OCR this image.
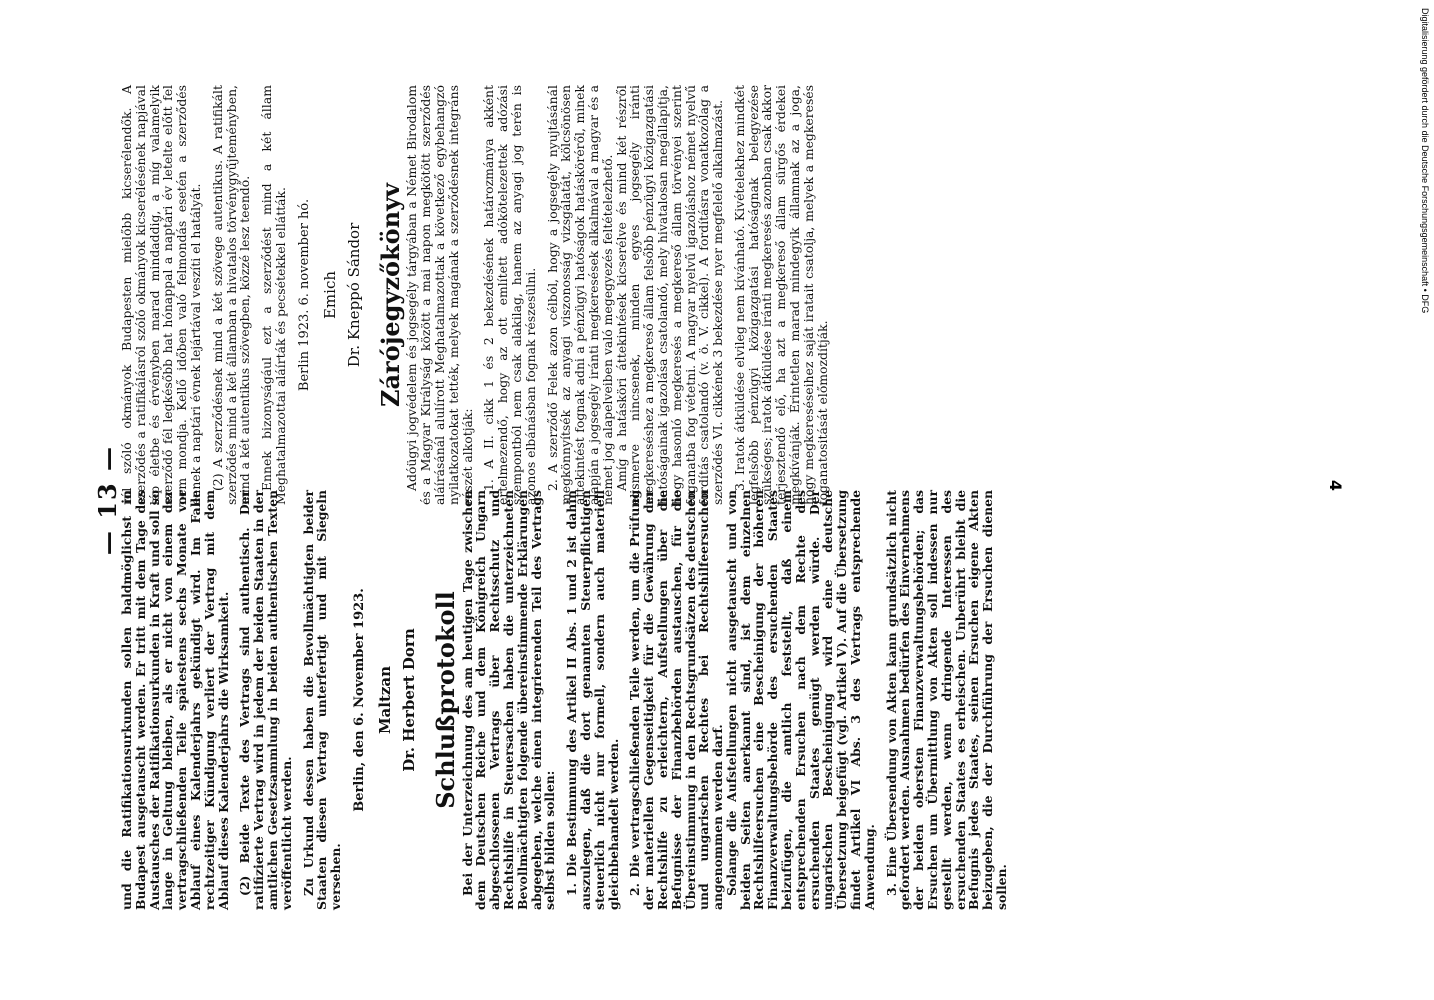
— 13 —

und die Ratifikationsurkunden sollen baldmöglichst in Budapest ausgetauscht werden. Er tritt mit dem Tage des Austausches der Ratifikationsurkunden in Kraft und soll so lange in Geltung bleiben, als er nicht von einem der vertragschließenden Teile spätestens sechs Monate vor Ablauf eines Kalenderjahrs gekündigt wird. Im Falle rechtzeitiger Kündigung verliert der Vertrag mit dem Ablauf dieses Kalenderjahrs die Wirksamkeit. (2) Beide Texte des Vertrags sind authentisch. Der ratifizierte Vertrag wird in jedem der beiden Staaten in der amtlichen Gesetzsammlung in beiden authentischen Texten veröffentlicht werden. Zu Urkund dessen haben die Bevollmächtigten beider Staaten diesen Vertrag unterfertigt und mit Siegeln versehen.

Berlin, den 6. November 1923. Maltzan Dr. Herbert Dorn Schlußprotokoll Bei der Unterzeichnung des am heutigen Tage zwischen dem Deutschen Reiche und dem Königreich Ungarn abgeschlossenen Vertrags über Rechtsschutz und Rechtshilfe in Steuersachen haben die unterzeichneten Bevollmächtigten folgende übereinstimmende Erklärungen abgegeben, welche einen integrierenden Teil des Vertrags selbst bilden sollen: 1. Die Bestimmung des Artikel II Abs. 1 und 2 ist dahin auszulegen, daß die dort genannten Steuerpflichtigen steuerlich nicht nur formell, sondern auch materiell gleichbehandelt werden. 2. Die vertragschließenden Teile werden, um die Prüfung der materiellen Gegenseitigkeit für die Gewährung der Rechtshilfe zu erleichtern, Aufstellungen über die Befugnisse der Finanzbehörden austauschen, für die Übereinstimmung in den Rechtsgrundsätzen des deutschen und ungarischen Rechtes bei Rechtshilfeersuchen angenommen werden darf.

Solange die Aufstellungen nicht ausgetauscht und von beiden Seiten anerkannt sind, ist dem einzelnen Rechtshilfeersuchen eine Bescheinigung der höheren Finanzverwaltungsbehörde des ersuchenden Staates beizufügen, die amtlich feststellt, daß einem entsprechenden Ersuchen nach dem Rechte des ersuchenden Staates genügt werden würde. Der ungarischen Bescheinigung wird eine deutsche Übersetzung beigefügt (vgl. Artikel V). Auf die Übersetzung findet Artikel VI Abs. 3 des Vertrags entsprechende Anwendung. 3. Eine Übersendung von Akten kann grundsätzlich nicht gefordert werden. Ausnahmen bedürfen des Einvernehmens der beiden obersten Finanzverwaltungsbehörden; das Ersuchen um Übermittlung von Akten soll indessen nur gestellt werden, wenn dringende Interessen des ersuchenden Staates es erheischen. Unberührt bleibt die Befugnis jedes Staates, seinen Ersuchen eigene Akten beizugeben, die der Durchführung der Ersuchen dienen sollen.

ról szóló okmányok Budapesten mielőbb kicserélendők. A szerződés a ratifikálásról szóló okmányok kicserélésének napjával lép életbe és érvényben marad mindaddig, a míg valamelyik szerződő fél legkésőbb hat hónappal a naptári év letelte előtt fel nem mondja. Kellő időben való felmondás esetén a szerződés ennek a naptári évnek lejártával veszíti el hatályát. (2) A szerződésnek mind a két szövege autentikus. A ratifikált szerződés mind a két államban a hivatalos törvénygyűjteményben, mind a két autentikus szövegben, közzé lesz teendő. Ennek bizonyságául ezt a szerződést mind a két állam Meghatalmazottai aláírták és pecsétekkel ellátták. Berlin 1923. 6. november hó. Emich Dr. Kneppó Sándor Zárójegyzőkönyv Adóügyi jogvédelem és jogsegély tárgyában a Német Birodalom és a Magyar Királyság között a mai napon megkötött szerződés aláírásánál alulírott Meghatalmazottak a következő egybehangzó nyilatkozatokat tették, melyek magának a szerződésnek integráns részét alkotják: 1. A II. cikk 1 és 2 bekezdésének határozmánya akként értelmezendő, hogy az ott említett adókötelezettek adózási szempontból nem csak alakilag, hanem az anyagi jog terén is azonos elbánásban fognak részesülni. 2. A szerződő Felek azon célból, hogy a jogsegély nyujtásánál megkönnyítsék az anyagi viszonosság vizsgálatát, kölcsönösen áttekintést fognak adni a pénzügyi hatóságok hatásköréről, minek alapján a jogsegély iránti megkeresések alkalmával a magyar és a német jog alapelveiben való megegyezés feltételezhető.

Amíg a hatásköri áttekintések kicserélve és mind két részről elismerve nincsenek, minden egyes jogsegély iránti megkereséshez a megkereső állam felsőbb pénzügyi közigazgatási hatóságainak igazolása csatolandó, mely hivatalosan megállapítja, hogy hasonló megkeresés a megkereső állam törvényei szerint foganatba fog vétetni. A magyar nyelvű igazoláshoz német nyelvű fordítás csatolandó (v. ö. V. cikkel). A fordításra vonatkozólag a szerződés VI. cikkének 3 bekezdése nyer megfelelő alkalmazást. 3. Iratok átküldése elvileg nem kívánható. Kivételekhez mindkét legfelsőbb pénzügyi közigazgatási hatóságnak belegyezése szükséges; iratok átküldése iránti megkeresés azonban csak akkor terjesztendő elő, ha azt a megkereső állam sürgős érdekei megkívánják. Érintetlen marad mindegyik államnak az a joga, hogy megkereséseihez saját iratait csatolja, melyek a megkeresés foganatositását előmozdítják.	4
Digitalisierung gefördert durch die Deutsche Forschungsgemeinschaft • DFG
